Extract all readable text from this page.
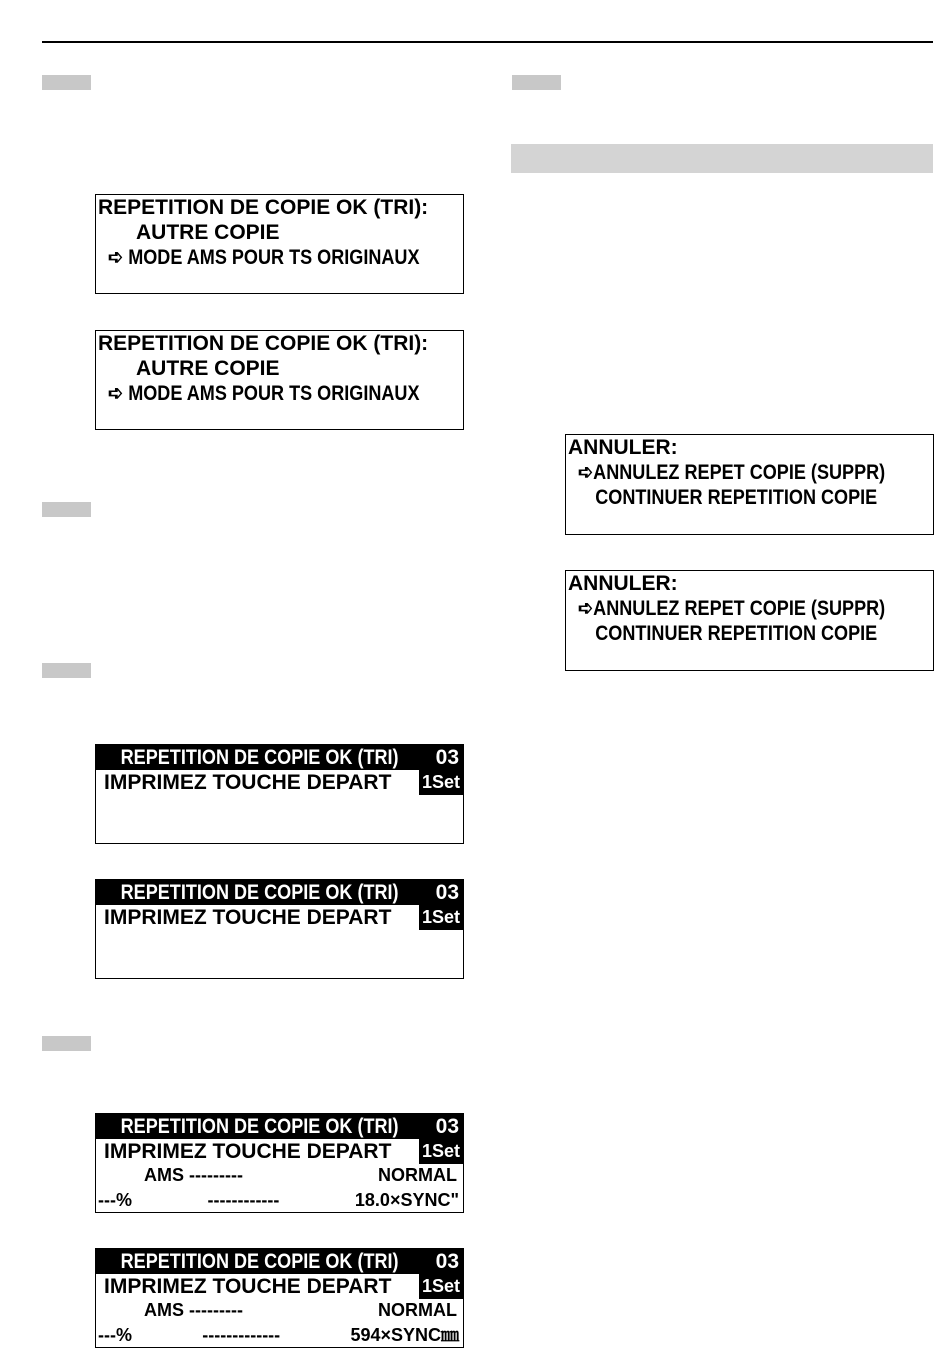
REPETITION DE COPIE OK (TRI):
AUTRE COPIE
➪ MODE AMS POUR TS ORIGINAUX
REPETITION DE COPIE OK (TRI):
AUTRE COPIE
➪ MODE AMS POUR TS ORIGINAUX
REPETITION DE COPIE OK (TRI) 03
IMPRIMEZ TOUCHE DEPART 1Set
REPETITION DE COPIE OK (TRI) 03
IMPRIMEZ TOUCHE DEPART 1Set
REPETITION DE COPIE OK (TRI) 03
IMPRIMEZ TOUCHE DEPART 1Set
AMS ---------	NORMAL
---%	------------	18.0×SYNC"
REPETITION DE COPIE OK (TRI) 03
IMPRIMEZ TOUCHE DEPART 1Set
AMS ---------	NORMAL
---%	-------------	594×SYNC㎜
ANNULER:
➪ANNULEZ REPET COPIE (SUPPR)
CONTINUER REPETITION COPIE
ANNULER:
➪ANNULEZ REPET COPIE (SUPPR)
CONTINUER REPETITION COPIE
